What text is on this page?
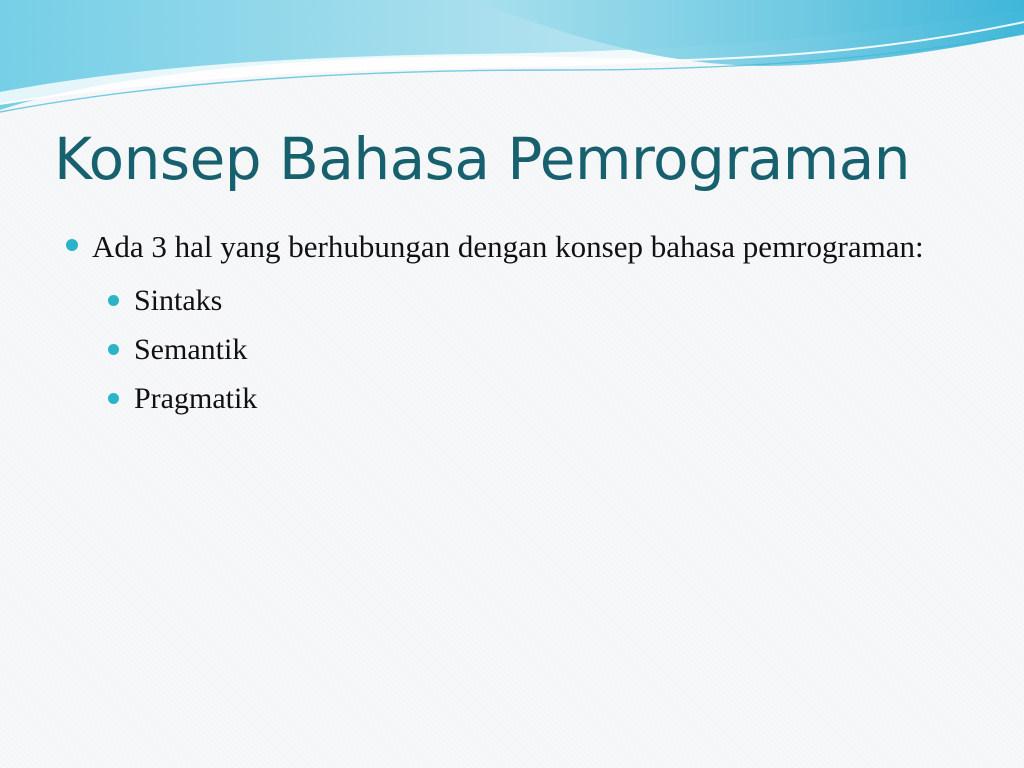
Konsep Bahasa Pemrograman
Ada 3 hal yang berhubungan dengan konsep bahasa pemrograman:
Sintaks
Semantik
Pragmatik
